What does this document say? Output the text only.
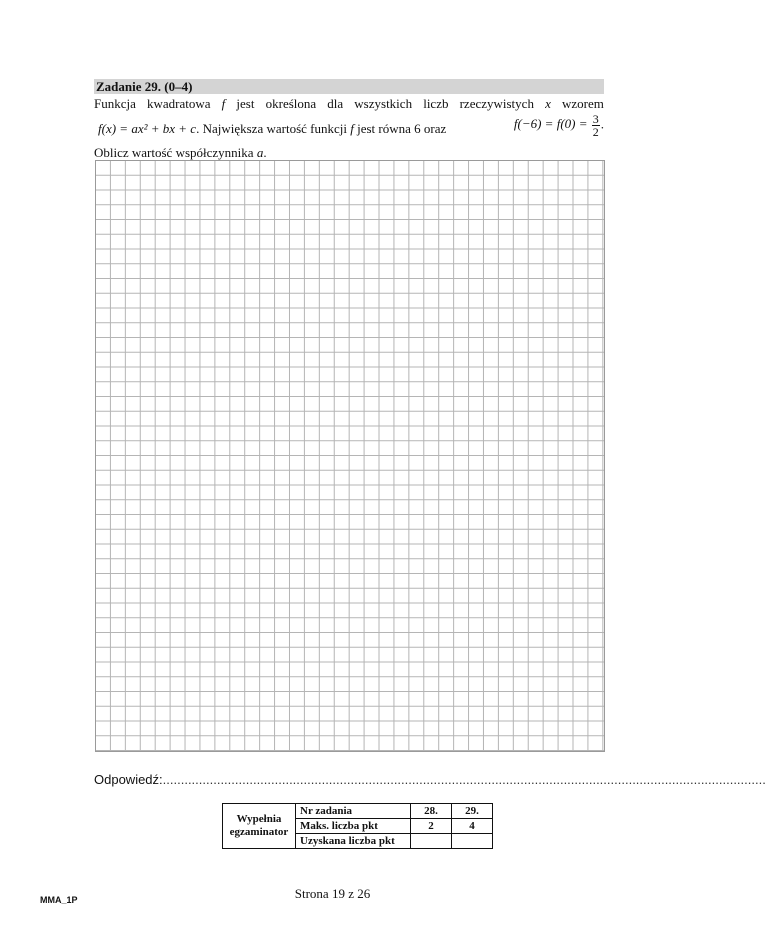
Zadanie 29. (0–4)
Funkcja kwadratowa f jest określona dla wszystkich liczb rzeczywistych x wzorem
f(x) = ax² + bx + c. Największa wartość funkcji f jest równa 6 oraz	$f(-6) = f(0) = \frac{3}{2}$ .
Oblicz wartość współczynnika a.
Odpowiedź:.......................................................................................................................................................................
Wypełnia egzaminator	Nr zadania	28.	29.
	Maks. liczba pkt	2	4
	Uzyskana liczba pkt		
Strona 19 z 26
MMA_1P
